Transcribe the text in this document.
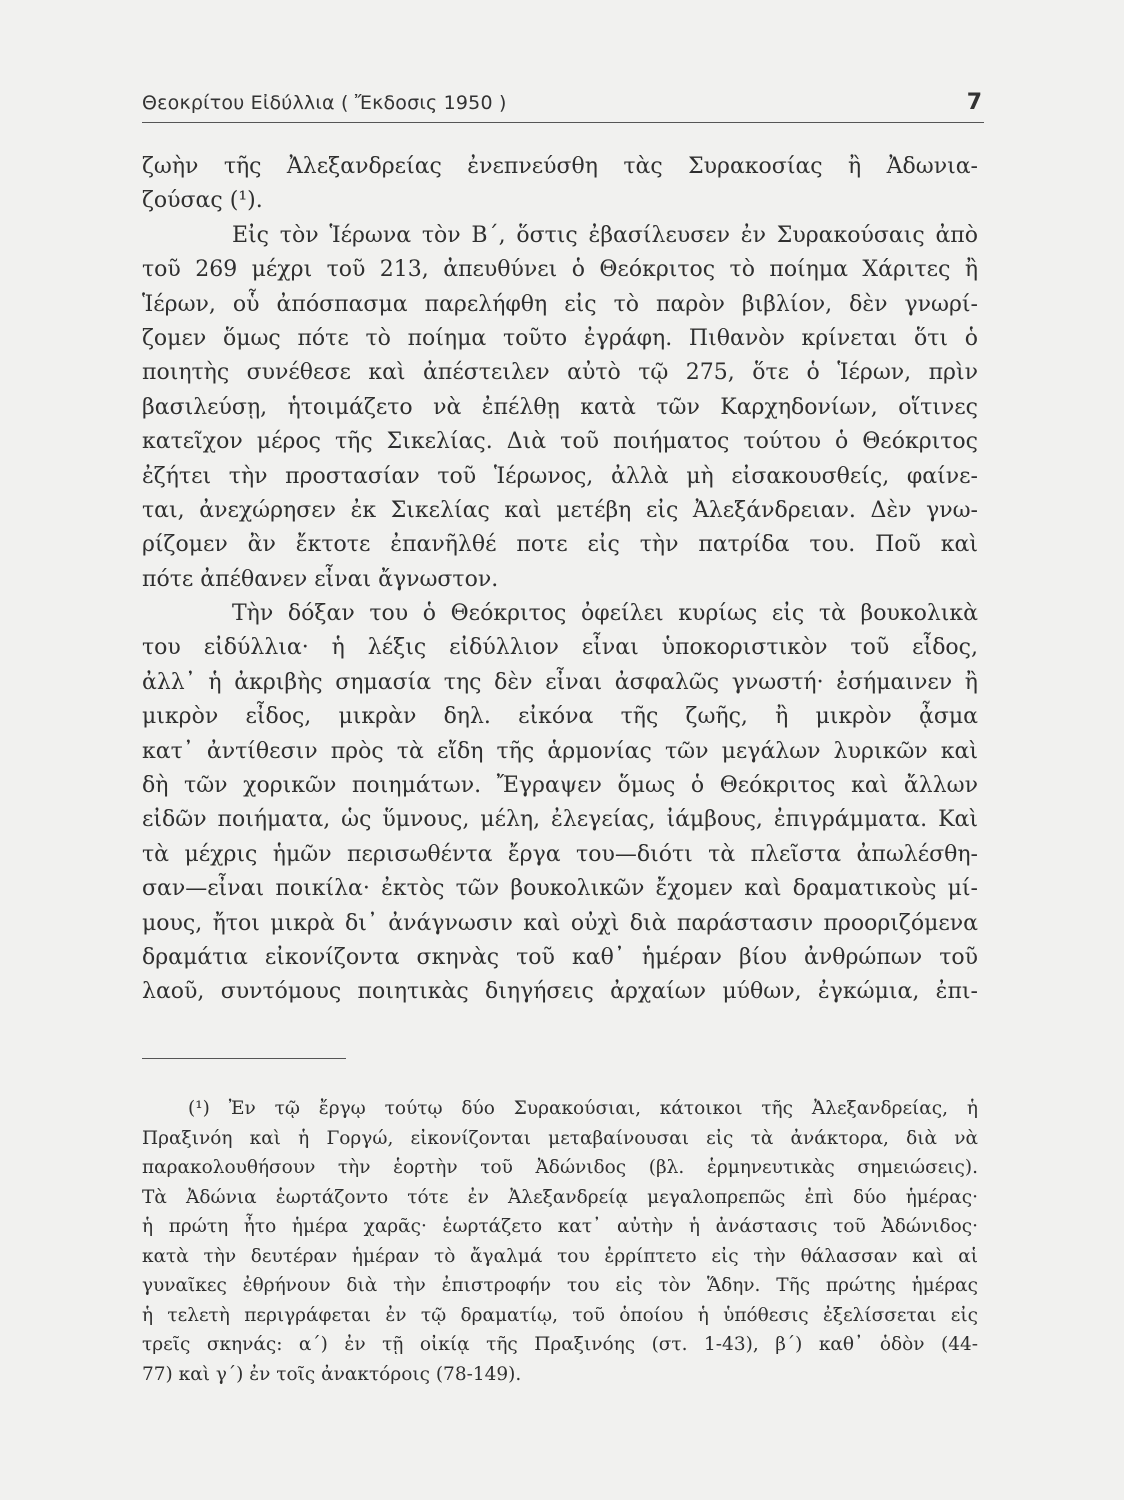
Θεοκρίτου Εἰδύλλια ( Ἔκδοσις 1950 )	7
ζωὴν τῆς Ἀλεξανδρείας ἐνεπνεύσθη τὰς Συρακοσίας ἢ Ἀδωνια-
ζούσας (¹).
Εἰς τὸν Ἱέρωνα τὸν Β΄, ὅστις ἐβασίλευσεν ἐν Συρακούσαις ἀπὸ
τοῦ 269 μέχρι τοῦ 213, ἀπευθύνει ὁ Θεόκριτος τὸ ποίημα Χάριτες ἢ
Ἱέρων, οὗ ἀπόσπασμα παρελήφθη εἰς τὸ παρὸν βιβλίον, δὲν γνωρί-
ζομεν ὅμως πότε τὸ ποίημα τοῦτο ἐγράφη. Πιθανὸν κρίνεται ὅτι ὁ
ποιητὴς συνέθεσε καὶ ἀπέστειλεν αὐτὸ τῷ 275, ὅτε ὁ Ἱέρων, πρὶν
βασιλεύσῃ, ἡτοιμάζετο νὰ ἐπέλθῃ κατὰ τῶν Καρχηδονίων, οἵτινες
κατεῖχον μέρος τῆς Σικελίας. Διὰ τοῦ ποιήματος τούτου ὁ Θεόκριτος
ἐζήτει τὴν προστασίαν τοῦ Ἱέρωνος, ἀλλὰ μὴ εἰσακουσθείς, φαίνε-
ται, ἀνεχώρησεν ἐκ Σικελίας καὶ μετέβη εἰς Ἀλεξάνδρειαν. Δὲν γνω-
ρίζομεν ἂν ἔκτοτε ἐπανῆλθέ ποτε εἰς τὴν πατρίδα του. Ποῦ καὶ
πότε ἀπέθανεν εἶναι ἄγνωστον.
Τὴν δόξαν του ὁ Θεόκριτος ὀφείλει κυρίως εἰς τὰ βουκολικὰ
του εἰδύλλια· ἡ λέξις εἰδύλλιον εἶναι ὑποκοριστικὸν τοῦ εἶδος,
ἀλλ᾽ ἡ ἀκριβὴς σημασία της δὲν εἶναι ἀσφαλῶς γνωστή· ἐσήμαινεν ἢ
μικρὸν εἶδος, μικρὰν δηλ. εἰκόνα τῆς ζωῆς, ἢ μικρὸν ᾆσμα
κατ᾽ ἀντίθεσιν πρὸς τὰ εἴδη τῆς ἁρμονίας τῶν μεγάλων λυρικῶν καὶ
δὴ τῶν χορικῶν ποιημάτων. Ἔγραψεν ὅμως ὁ Θεόκριτος καὶ ἄλλων
εἰδῶν ποιήματα, ὡς ὕμνους, μέλη, ἐλεγείας, ἰάμβους, ἐπιγράμματα. Καὶ
τὰ μέχρις ἡμῶν περισωθέντα ἔργα του—διότι τὰ πλεῖστα ἀπωλέσθη-
σαν—εἶναι ποικίλα· ἐκτὸς τῶν βουκολικῶν ἔχομεν καὶ δραματικοὺς μί-
μους, ἤτοι μικρὰ δι᾽ ἀνάγνωσιν καὶ οὐχὶ διὰ παράστασιν προοριζόμενα
δραμάτια εἰκονίζοντα σκηνὰς τοῦ καθ᾽ ἡμέραν βίου ἀνθρώπων τοῦ
λαοῦ, συντόμους ποιητικὰς διηγήσεις ἀρχαίων μύθων, ἐγκώμια, ἐπι-
(¹) Ἐν τῷ ἔργῳ τούτῳ δύο Συρακούσιαι, κάτοικοι τῆς Ἀλεξανδρείας, ἡ
Πραξινόη καὶ ἡ Γοργώ, εἰκονίζονται μεταβαίνουσαι εἰς τὰ ἀνάκτορα, διὰ νὰ
παρακολουθήσουν τὴν ἑορτὴν τοῦ Ἀδώνιδος (βλ. ἑρμηνευτικὰς σημειώσεις).
Τὰ Ἀδώνια ἑωρτάζοντο τότε ἐν Ἀλεξανδρείᾳ μεγαλοπρεπῶς ἐπὶ δύο ἡμέρας·
ἡ πρώτη ἦτο ἡμέρα χαρᾶς· ἑωρτάζετο κατ᾽ αὐτὴν ἡ ἀνάστασις τοῦ Ἀδώνιδος·
κατὰ τὴν δευτέραν ἡμέραν τὸ ἄγαλμά του ἐρρίπτετο εἰς τὴν θάλασσαν καὶ αἱ
γυναῖκες ἐθρήνουν διὰ τὴν ἐπιστροφήν του εἰς τὸν Ἅδην. Τῆς πρώτης ἡμέρας
ἡ τελετὴ περιγράφεται ἐν τῷ δραματίῳ, τοῦ ὁποίου ἡ ὑπόθεσις ἐξελίσσεται εἰς
τρεῖς σκηνάς: α΄) ἐν τῇ οἰκίᾳ τῆς Πραξινόης (στ. 1-43), β΄) καθ᾽ ὁδὸν (44-
77) καὶ γ΄) ἐν τοῖς ἀνακτόροις (78-149).
